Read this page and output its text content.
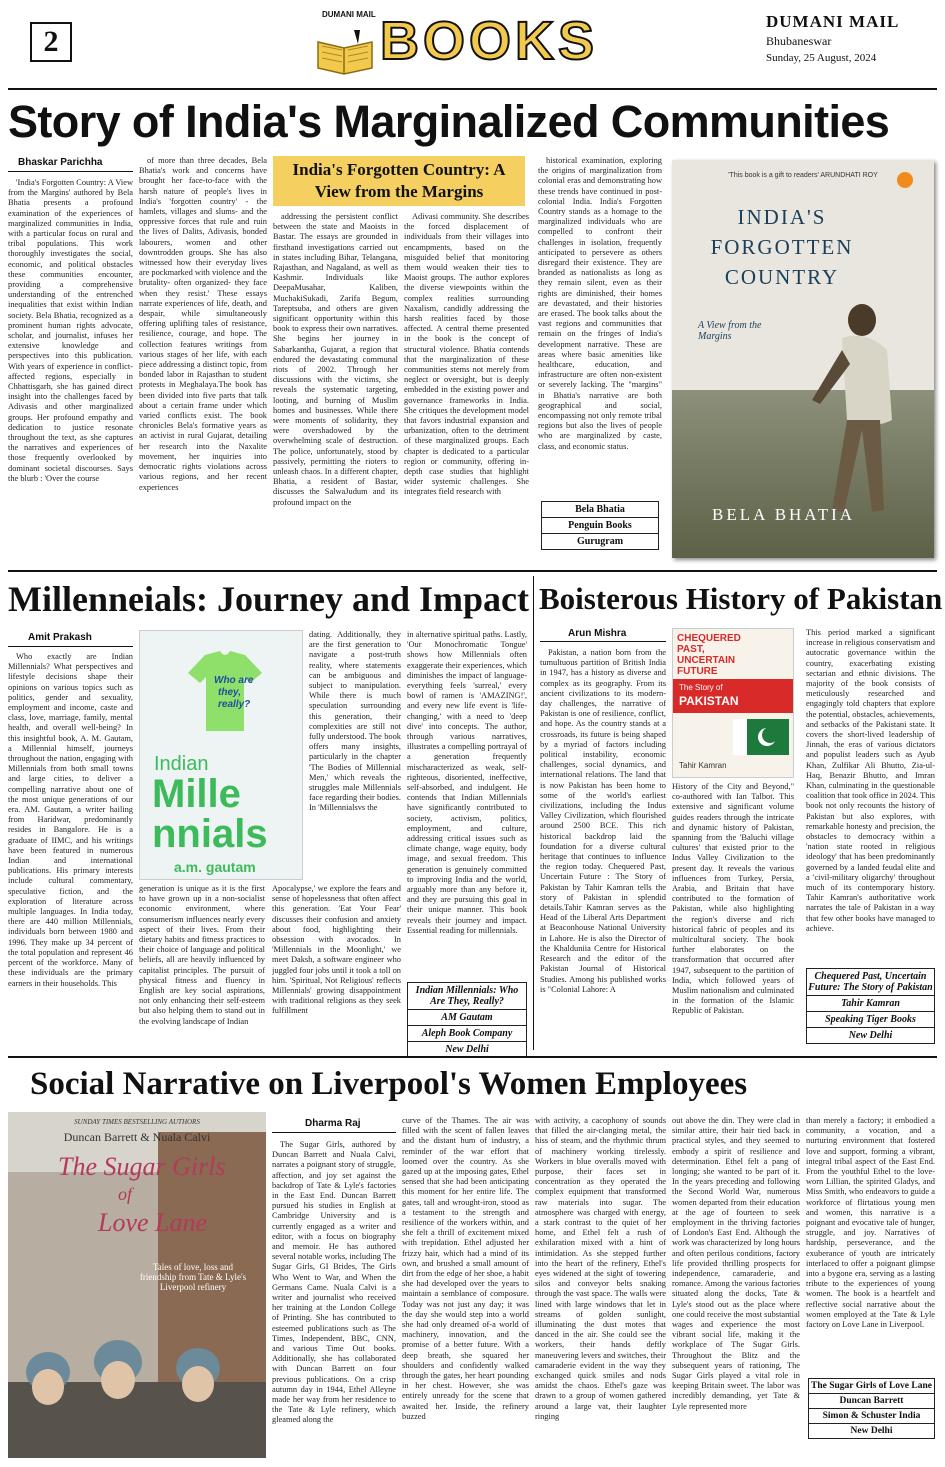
2
DUMANI MAIL BOOKS	DUMANI MAIL
Bhubaneswar
Sunday, 25 August, 2024
Story of India's Marginalized Communities
Bhaskar Parichha

'India's Forgotten Country: A View from the Margins' authored by Bela Bhatia presents a profound examination of the experiences of marginalized communities in India, with a particular focus on rural and tribal populations. This work thoroughly investigates the social, economic, and political obstacles these communities encounter, providing a comprehensive understanding of the entrenched inequalities that exist within Indian society. Bela Bhatia, recognized as a prominent human rights advocate, scholar, and journalist, infuses her extensive knowledge and perspectives into this publication. With years of experience in conflict-affected regions, especially in Chhattisgarh, she has gained direct insight into the challenges faced by Adivasis and other marginalized groups. Her profound empathy and dedication to justice resonate throughout the text, as she captures the narratives and experiences of those frequently overlooked by dominant societal discourses. Says the blurb : 'Over the course

of more than three decades, Bela Bhatia's work and concerns have brought her face-to-face with the harsh nature of people's lives in India's 'forgotten country' - the hamlets, villages and slums- and the oppressive forces that rule and ruin the lives of Dalits, Adivasis, bonded labourers, women and other downtrodden groups. She has also witnessed how their everyday lives are pockmarked with violence and the brutality- often organized- they face when they resist.' These essays narrate experiences of life, death, and despair, while simultaneously offering uplifting tales of resistance, resilience, courage, and hope. The collection features writings from various stages of her life, with each piece addressing a distinct topic, from bonded labor in Rajasthan to student protests in Meghalaya.The book has been divided into five parts that talk about a certain frame under which varied conflicts exist. The book chronicles Bela's formative years as an activist in rural Gujarat, detailing her research into the Naxalite movement, her inquiries into democratic rights violations across various regions, and her recent experiences

India's Forgotten Country: A View from the Margins

addressing the persistent conflict between the state and Maoists in Bastar. The essays are grounded in firsthand investigations carried out in states including Bihar, Telangana, Rajasthan, and Nagaland, as well as Kashmir. Individuals like DeepaMusahar, Kaliben, MuchakiSukadi, Zarifa Begum, Tareptsuba, and others are given significant opportunity within this book to express their own narratives. She begins her journey in Sabarkantha, Gujarat, a region that endured the devastating communal riots of 2002. Through her discussions with the victims, she reveals the systematic targeting, looting, and burning of Muslim homes and businesses. While there were moments of solidarity, they were overshadowed by the overwhelming scale of destruction. The police, unfortunately, stood by passively, permitting the rioters to unleash chaos. In a different chapter, Bhatia, a resident of Bastar, discusses the SalwaJudum and its profound impact on the

Adivasi community. She describes the forced displacement of individuals from their villages into encampments, based on the misguided belief that monitoring them would weaken their ties to Maoist groups. The author explores the diverse viewpoints within the complex realities surrounding Naxalism, candidly addressing the harsh realities faced by those affected. A central theme presented in the book is the concept of structural violence. Bhatia contends that the marginalization of these communities stems not merely from neglect or oversight, but is deeply embedded in the existing power and governance frameworks in India. She critiques the development model that favors industrial expansion and urbanization, often to the detriment of these marginalized groups. Each chapter is dedicated to a particular region or community, offering in-depth case studies that highlight wider systemic challenges. She integrates field research with

historical examination, exploring the origins of marginalization from colonial eras and demonstrating how these trends have continued in post-colonial India. India's Forgotten Country stands as a homage to the marginalized individuals who are compelled to confront their challenges in isolation, frequently anticipated to persevere as others disregard their existence. They are branded as nationalists as long as they remain silent, even as their rights are diminished, their homes are devastated, and their histories are erased. The book talks about the vast regions and communities that remain on the fringes of India's development narrative. These are areas where basic amenities like healthcare, education, and infrastructure are often non-existent or severely lacking. The "margins" in Bhatia's narrative are both geographical and social, encompassing not only remote tribal regions but also the lives of people who are marginalized by caste, class, and economic status.

Bela Bhatia
Penguin Books
Gurugram
'This book is a gift to readers' ARUNDHATI ROY
INDIA'S FORGOTTEN COUNTRY
A View from the Margins
BELA BHATIA
Millenneials: Journey and Impact
Amit Prakash

Who exactly are Indian Millennials? What perspectives and lifestyle decisions shape their opinions on various topics such as politics, gender and sexuality, employment and income, caste and class, love, marriage, family, mental health, and overall well-being? In this insightful book, A. M. Gautam, a Millennial himself, journeys throughout the nation, engaging with Millennials from both small towns and large cities, to deliver a compelling narrative about one of the most unique generations of our era. AM. Gautam, a writer hailing from Haridwar, predominantly resides in Bangalore. He is a graduate of IIMC, and his writings have been featured in numerous Indian and international publications. His primary interests include cultural commentary, speculative fiction, and the exploration of literature across multiple languages. In India today, there are 440 million Millennials, individuals born between 1980 and 1996. They make up 34 percent of the total population and represent 46 percent of the workforce. Many of these individuals are the primary earners in their households. This

Who are
they,
really?
Indian
Mille
nnials
a.m. gautam

dating. Additionally, they are the first generation to navigate a post-truth reality, where statements can be ambiguous and subject to manipulation. While there is much speculation surrounding this generation, their complexities are still not fully understood. The book offers many insights, particularly in the chapter 'The Bodies of Millennial Men,' which reveals the struggles male Millennials face regarding their bodies. In 'Millennialsvs the

generation is unique as it is the first to have grown up in a non-socialist economic environment, where consumerism influences nearly every aspect of their lives. From their dietary habits and fitness practices to their choice of language and political beliefs, all are heavily influenced by capitalist principles. The pursuit of physical fitness and fluency in English are key social aspirations, not only enhancing their self-esteem but also helping them to stand out in the evolving landscape of Indian

Apocalypse,' we explore the fears and sense of hopelessness that often affect this generation. 'Eat Your Fear' discusses their confusion and anxiety about food, highlighting their obsession with avocados. In 'Millennials in the Moonlight,' we meet Daksh, a software engineer who juggled four jobs until it took a toll on him. 'Spiritual, Not Religious' reflects Millennials' growing disappointment with traditional religions as they seek fulfillment

in alternative spiritual paths. Lastly, 'Our Monochromatic Tongue' shows how Millennials often exaggerate their experiences, which diminishes the impact of language-everything feels 'surreal,' every bowl of ramen is 'AMAZING!', and every new life event is 'life-changing,' with a need to 'deep dive' into concepts. The author, through various narratives, illustrates a compelling portrayal of a generation frequently mischaracterized as weak, self-righteous, disoriented, ineffective, self-absorbed, and indulgent. He contends that Indian Millennials have significantly contributed to society, activism, politics, employment, and culture, addressing critical issues such as climate change, wage equity, body image, and sexual freedom. This generation is genuinely committed to improving India and the world, arguably more than any before it, and they are pursuing this goal in their unique manner. This book reveals their journey and impact. Essential reading for millennials.

Indian Millennials: Who Are They, Really?
AM Gautam
Aleph Book Company
New Delhi
Boisterous History of Pakistan
Arun Mishra

Pakistan, a nation born from the tumultuous partition of British India in 1947, has a history as diverse and complex as its geography. From its ancient civilizations to its modern-day challenges, the narrative of Pakistan is one of resilience, conflict, and hope. As the country stands at a crossroads, its future is being shaped by a myriad of factors including political instability, economic challenges, social dynamics, and international relations. The land that is now Pakistan has been home to some of the world's earliest civilizations, including the Indus Valley Civilization, which flourished around 2500 BCE. This rich historical backdrop laid the foundation for a diverse cultural heritage that continues to influence the region today. Chequered Past, Uncertain Future : The Story of Pakistan by Tahir Kamran tells the story of Pakistan in splendid details.Tahir Kamran serves as the Head of the Liberal Arts Department at Beaconhouse National University in Lahore. He is also the Director of the Khalduniia Centre for Historical Research and the editor of the Pakistan Journal of Historical Studies. Among his published works is "Colonial Lahore: A

CHEQUERED PAST, UNCERTAIN FUTURE
The Story of
PAKISTAN
Tahir Kamran

History of the City and Beyond," co-authored with Ian Talbot. This extensive and significant volume guides readers through the intricate and dynamic history of Pakistan, spanning from the 'Baluchi village cultures' that existed prior to the Indus Valley Civilization to the present day. It reveals the various influences from Turkey, Persia, Arabia, and Britain that have contributed to the formation of Pakistan, while also highlighting the region's diverse and rich historical fabric of peoples and its multicultural society. The book further elaborates on the transformation that occurred after 1947, subsequent to the partition of India, which followed years of Muslim nationalism and culminated in the formation of the Islamic Republic of Pakistan.

This period marked a significant increase in religious conservatism and autocratic governance within the country, exacerbating existing sectarian and ethnic divisions. The majority of the book consists of meticulously researched and engagingly told chapters that explore the potential, obstacles, achievements, and setbacks of the Pakistani state. It covers the short-lived leadership of Jinnah, the eras of various dictators and populist leaders such as Ayub Khan, Zulfikar Ali Bhutto, Zia-ul-Haq, Benazir Bhutto, and Imran Khan, culminating in the questionable coalition that took office in 2024. This book not only recounts the history of Pakistan but also explores, with remarkable honesty and precision, the obstacles to democracy within a 'nation state rooted in religious ideology' that has been predominantly governed by a landed feudal elite and a 'civil-military oligarchy' throughout much of its contemporary history. Tahir Kamran's authoritative work narrates the tale of Pakistan in a way that few other books have managed to achieve.

Chequered Past, Uncertain Future: The Story of Pakistan
Tahir Kamran
Speaking Tiger Books
New Delhi
Social Narrative on Liverpool's Women Employees
SUNDAY TIMES BESTSELLING AUTHORS
Duncan Barrett & Nuala Calvi
The Sugar Girls
of
Love Lane
Tales of love, loss and friendship from Tate & Lyle's Liverpool refinery
Dharma Raj

The Sugar Girls, authored by Duncan Barrett and Nuala Calvi, narrates a poignant story of struggle, affection, and joy set against the backdrop of Tate & Lyle's factories in the East End. Duncan Barrett pursued his studies in English at Cambridge University and is currently engaged as a writer and editor, with a focus on biography and memoir. He has authored several notable works, including The Sugar Girls, GI Brides, The Girls Who Went to War, and When the Germans Came. Nuala Calvi is a writer and journalist who received her training at the London College of Printing. She has contributed to esteemed publications such as The Times, Independent, BBC, CNN, and various Time Out books. Additionally, she has collaborated with Duncan Barrett on four previous publications. On a crisp autumn day in 1944, Ethel Alleyne made her way from her residence to the Tate & Lyle refinery, which gleamed along the

curve of the Thames. The air was filled with the scent of fallen leaves and the distant hum of industry, a reminder of the war effort that loomed over the country. As she gazed up at the imposing gates, Ethel sensed that she had been anticipating this moment for her entire life. The gates, tall and wrought-iron, stood as a testament to the strength and resilience of the workers within, and she felt a thrill of excitement mixed with trepidation. Ethel adjusted her frizzy hair, which had a mind of its own, and brushed a small amount of dirt from the edge of her shoe, a habit she had developed over the years to maintain a semblance of composure. Today was not just any day; it was the day she would step into a world she had only dreamed of-a world of machinery, innovation, and the promise of a better future. With a deep breath, she squared her shoulders and confidently walked through the gates, her heart pounding in her chest. However, she was entirely unready for the scene that awaited her. Inside, the refinery buzzed

with activity, a cacophony of sounds that filled the air-clanging metal, the hiss of steam, and the rhythmic thrum of machinery working tirelessly. Workers in blue overalls moved with purpose, their faces set in concentration as they operated the complex equipment that transformed raw materials into sugar. The atmosphere was charged with energy, a stark contrast to the quiet of her home, and Ethel felt a rush of exhilaration mixed with a hint of intimidation. As she stepped further into the heart of the refinery, Ethel's eyes widened at the sight of towering silos and conveyor belts snaking through the vast space. The walls were lined with large windows that let in streams of golden sunlight, illuminating the dust motes that danced in the air. She could see the workers, their hands deftly maneuvering levers and switches, their camaraderie evident in the way they exchanged quick smiles and nods amidst the chaos. Ethel's gaze was drawn to a group of women gathered around a large vat, their laughter ringing

out above the din. They were clad in similar attire, their hair tied back in practical styles, and they seemed to embody a spirit of resilience and determination. Ethel felt a pang of longing; she wanted to be part of it. In the years preceding and following the Second World War, numerous women departed from their education at the age of fourteen to seek employment in the thriving factories of London's East End. Although the work was characterized by long hours and often perilous conditions, factory life provided thrilling prospects for independence, camaraderie, and romance. Among the various factories situated along the docks, Tate & Lyle's stood out as the place where one could receive the most substantial wages and experience the most vibrant social life, making it the workplace of The Sugar Girls. Throughout the Blitz and the subsequent years of rationing, The Sugar Girls played a vital role in keeping Britain sweet. The labor was incredibly demanding, yet Tate & Lyle represented more

than merely a factory; it embodied a community, a vocation, and a nurturing environment that fostered love and support, forming a vibrant, integral tribal aspect of the East End. From the youthful Ethel to the love-worn Lillian, the spirited Gladys, and Miss Smith, who endeavors to guide a workforce of flirtatious young men and women, this narrative is a poignant and evocative tale of hunger, struggle, and joy. Narratives of hardship, perseverance, and the exuberance of youth are intricately interlaced to offer a poignant glimpse into a bygone era, serving as a lasting tribute to the experiences of young women. The book is a heartfelt and reflective social narrative about the women employed at the Tate & Lyle factory on Love Lane in Liverpool.

The Sugar Girls of Love Lane
Duncan Barrett
Simon & Schuster India
New Delhi
